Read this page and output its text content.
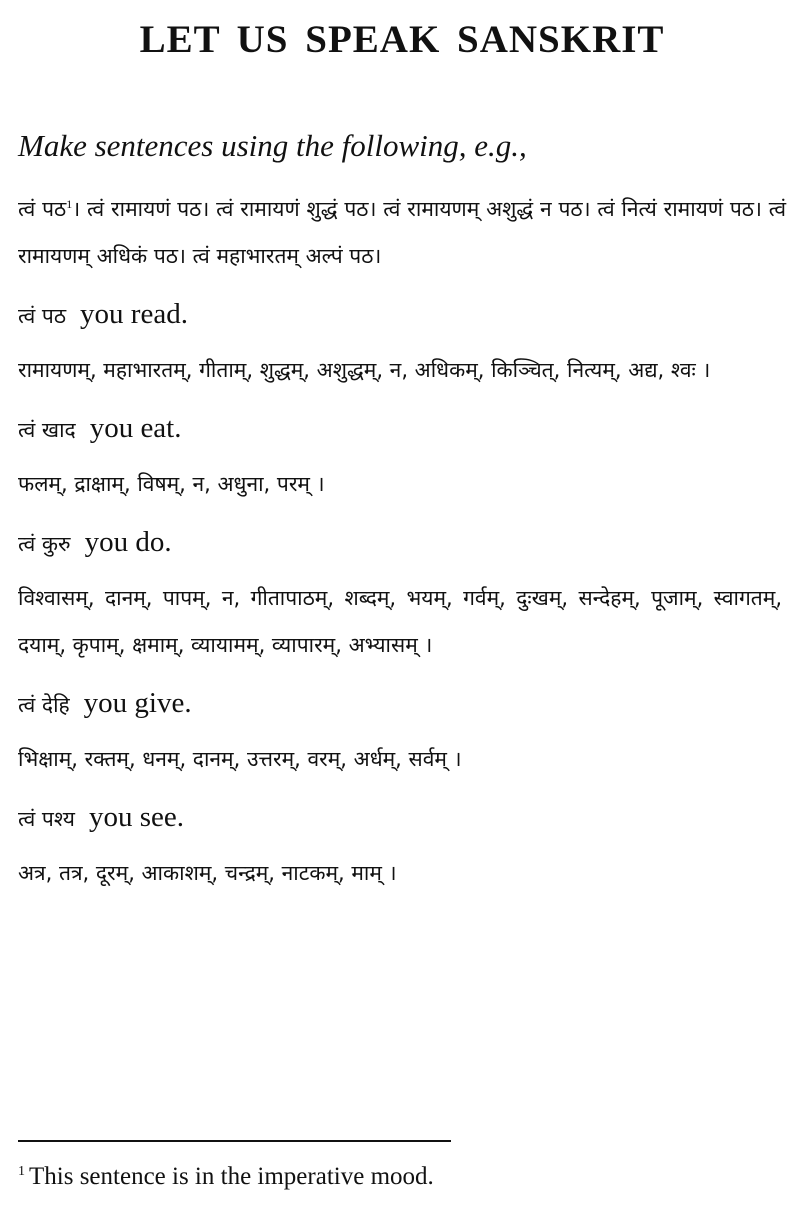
LET US SPEAK SANSKRIT

Make sentences using the following, e.g.,

त्वं पठ$^1$। त्वं रामायणं पठ। त्वं रामायणं शुद्धं पठ। त्वं रामायणम् अशुद्धं न पठ। त्वं नित्यं रामायणं पठ। त्वं रामायणम् अधिकं पठ। त्वं महाभारतम् अल्पं पठ।

त्वं पठ you read.

रामायणम्, महाभारतम्, गीताम्, शुद्धम्, अशुद्धम्, न, अधिकम्, किञ्चित्, नित्यम्, अद्य, श्वः ।

त्वं खाद you eat.

फलम्, द्राक्षाम्, विषम्, न, अधुना, परम् ।

त्वं कुरु you do.

विश्वासम्, दानम्, पापम्, न, गीतापाठम्, शब्दम्, भयम्, गर्वम्, दुःखम्, सन्देहम्, पूजाम्, स्वागतम्, दयाम्, कृपाम्, क्षमाम्, व्यायामम्, व्यापारम्, अभ्यासम् ।

त्वं देहि you give.

भिक्षाम्, रक्तम्, धनम्, दानम्, उत्तरम्, वरम्, अर्धम्, सर्वम् ।

त्वं पश्य you see.

अत्र, तत्र, दूरम्, आकाशम्, चन्द्रम्, नाटकम्, माम् ।

$^1$ This sentence is in the imperative mood.
